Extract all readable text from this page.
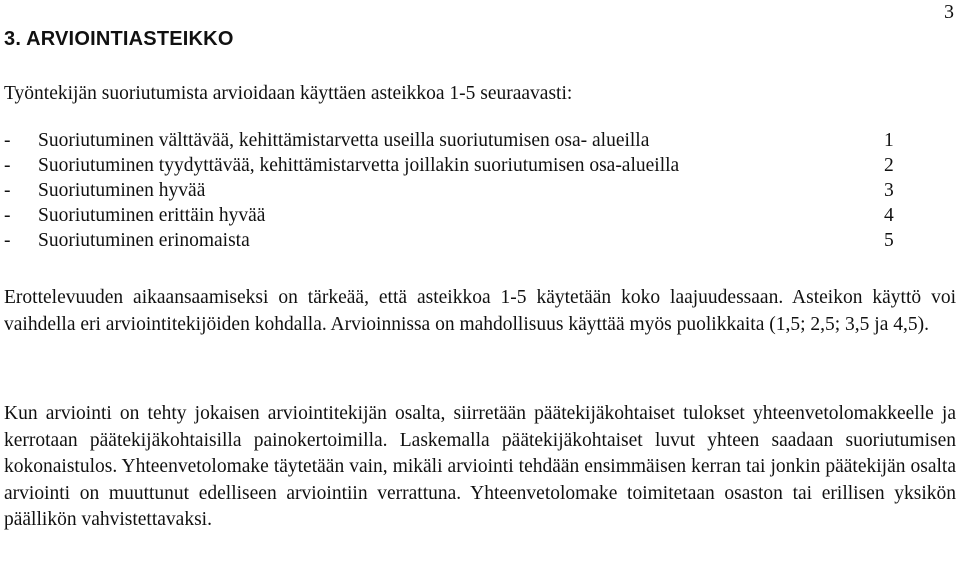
3
3. ARVIOINTIASTEIKKO
Työntekijän suoriutumista arvioidaan käyttäen asteikkoa 1-5 seuraavasti:
- Suoriutuminen välttävää, kehittämistarvetta useilla suoriutumisen osa- alueilla	1
- Suoriutuminen tyydyttävää, kehittämistarvetta joillakin suoriutumisen osa-alueilla	2
- Suoriutuminen hyvää	3
- Suoriutuminen erittäin hyvää	4
- Suoriutuminen erinomaista	5

Erottelevuuden aikaansaamiseksi on tärkeää, että asteikkoa 1-5 käytetään koko laajuudessaan. Asteikon käyttö voi vaihdella eri arviointitekijöiden kohdalla. Arvioinnissa on mahdollisuus käyttää myös puolikkaita (1,5; 2,5; 3,5 ja 4,5).

Kun arviointi on tehty jokaisen arviointitekijän osalta, siirretään päätekijäkohtaiset tulokset yhteenvetolomakkeelle ja kerrotaan päätekijäkohtaisilla painokertoimilla. Laskemalla päätekijäkohtaiset luvut yhteen saadaan suoriutumisen kokonaistulos. Yhteenvetolomake täytetään vain, mikäli arviointi tehdään ensimmäisen kerran tai jonkin päätekijän osalta arviointi on muuttunut edelliseen arviointiin verrattuna. Yhteenvetolomake toimitetaan osaston tai erillisen yksikön päällikön vahvistettavaksi.
